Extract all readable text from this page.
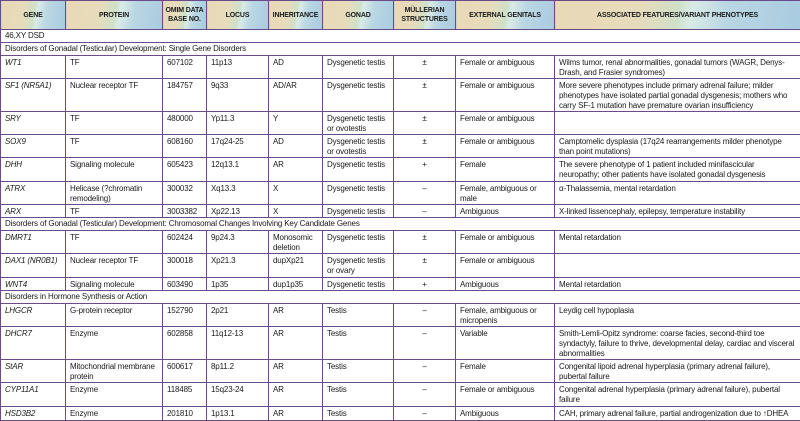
GENE	PROTEIN	OMIM DATA BASE NO.	LOCUS	INHERITANCE	GONAD	MÜLLERIAN STRUCTURES	EXTERNAL GENITALS	ASSOCIATED FEATURES/VARIANT PHENOTYPES
46,XY DSD								
Disorders of Gonadal (Testicular) Development: Single Gene Disorders								
WT1	TF	607102	11p13	AD	Dysgenetic testis	±	Female or ambiguous	Wilms tumor, renal abnormalities, gonadal tumors (WAGR, Denys-Drash, and Frasier syndromes)
SF1 (NR5A1)	Nuclear receptor TF	184757	9q33	AD/AR	Dysgenetic testis	±	Female or ambiguous	More severe phenotypes include primary adrenal failure; milder phenotypes have isolated partial gonadal dysgenesis; mothers who carry SF-1 mutation have premature ovarian insufficiency
SRY	TF	480000	Yp11.3	Y	Dysgenetic testis or ovotestis	±	Female or ambiguous	
SOX9	TF	608160	17q24-25	AD	Dysgenetic testis or ovotestis	±	Female or ambiguous	Camptomelic dysplasia (17q24 rearrangements milder phenotype than point mutations)
DHH	Signaling molecule	605423	12q13.1	AR	Dysgenetic testis	+	Female	The severe phenotype of 1 patient included minifascicular neuropathy; other patients have isolated gonadal dysgenesis
ATRX	Helicase (?chromatin remodeling)	300032	Xq13.3	X	Dysgenetic testis	–	Female, ambiguous or male	α-Thalassemia, mental retardation
ARX	TF	3003382	Xp22.13	X	Dysgenetic testis	–	Ambiguous	X-linked lissencephaly, epilepsy, temperature instability
Disorders of Gonadal (Testicular) Development: Chromosomal Changes Involving Key Candidate Genes								
DMRT1	TF	602424	9p24.3	Monosomic deletion	Dysgenetic testis	±	Female or ambiguous	Mental retardation
DAX1 (NR0B1)	Nuclear receptor TF	300018	Xp21.3	dupXp21	Dysgenetic testis or ovary	±	Female or ambiguous	
WNT4	Signaling molecule	603490	1p35	dup1p35	Dysgenetic testis	+	Ambiguous	Mental retardation
Disorders in Hormone Synthesis or Action								
LHGCR	G-protein receptor	152790	2p21	AR	Testis	–	Female, ambiguous or micropenis	Leydig cell hypoplasia
DHCR7	Enzyme	602858	11q12-13	AR	Testis	–	Variable	Smith-Lemli-Opitz syndrome: coarse facies, second-third toe syndactyly, failure to thrive, developmental delay, cardiac and visceral abnormalities
StAR	Mitochondrial membrane protein	600617	8p11.2	AR	Testis	–	Female	Congenital lipoid adrenal hyperplasia (primary adrenal failure), pubertal failure
CYP11A1	Enzyme	118485	15q23-24	AR	Testis	–	Female or ambiguous	Congenital adrenal hyperplasia (primary adrenal failure), pubertal failure
HSD3B2	Enzyme	201810	1p13.1	AR	Testis	–	Ambiguous	CAH, primary adrenal failure, partial androgenization due to ↑DHEA
